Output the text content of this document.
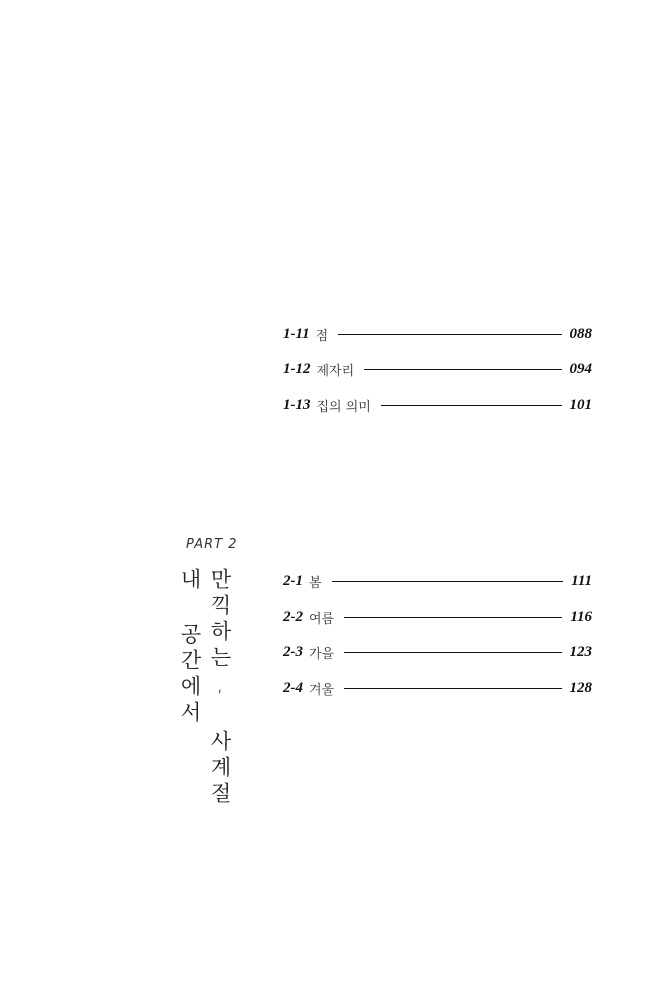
1-11 점	088
1-12 제자리	094
1-13 집의 의미	101
PART 2
내 공간에서 만끽하는, 사계절	2-1 봄	111
2-2 여름	116
2-3 가을	123
2-4 겨울	128
